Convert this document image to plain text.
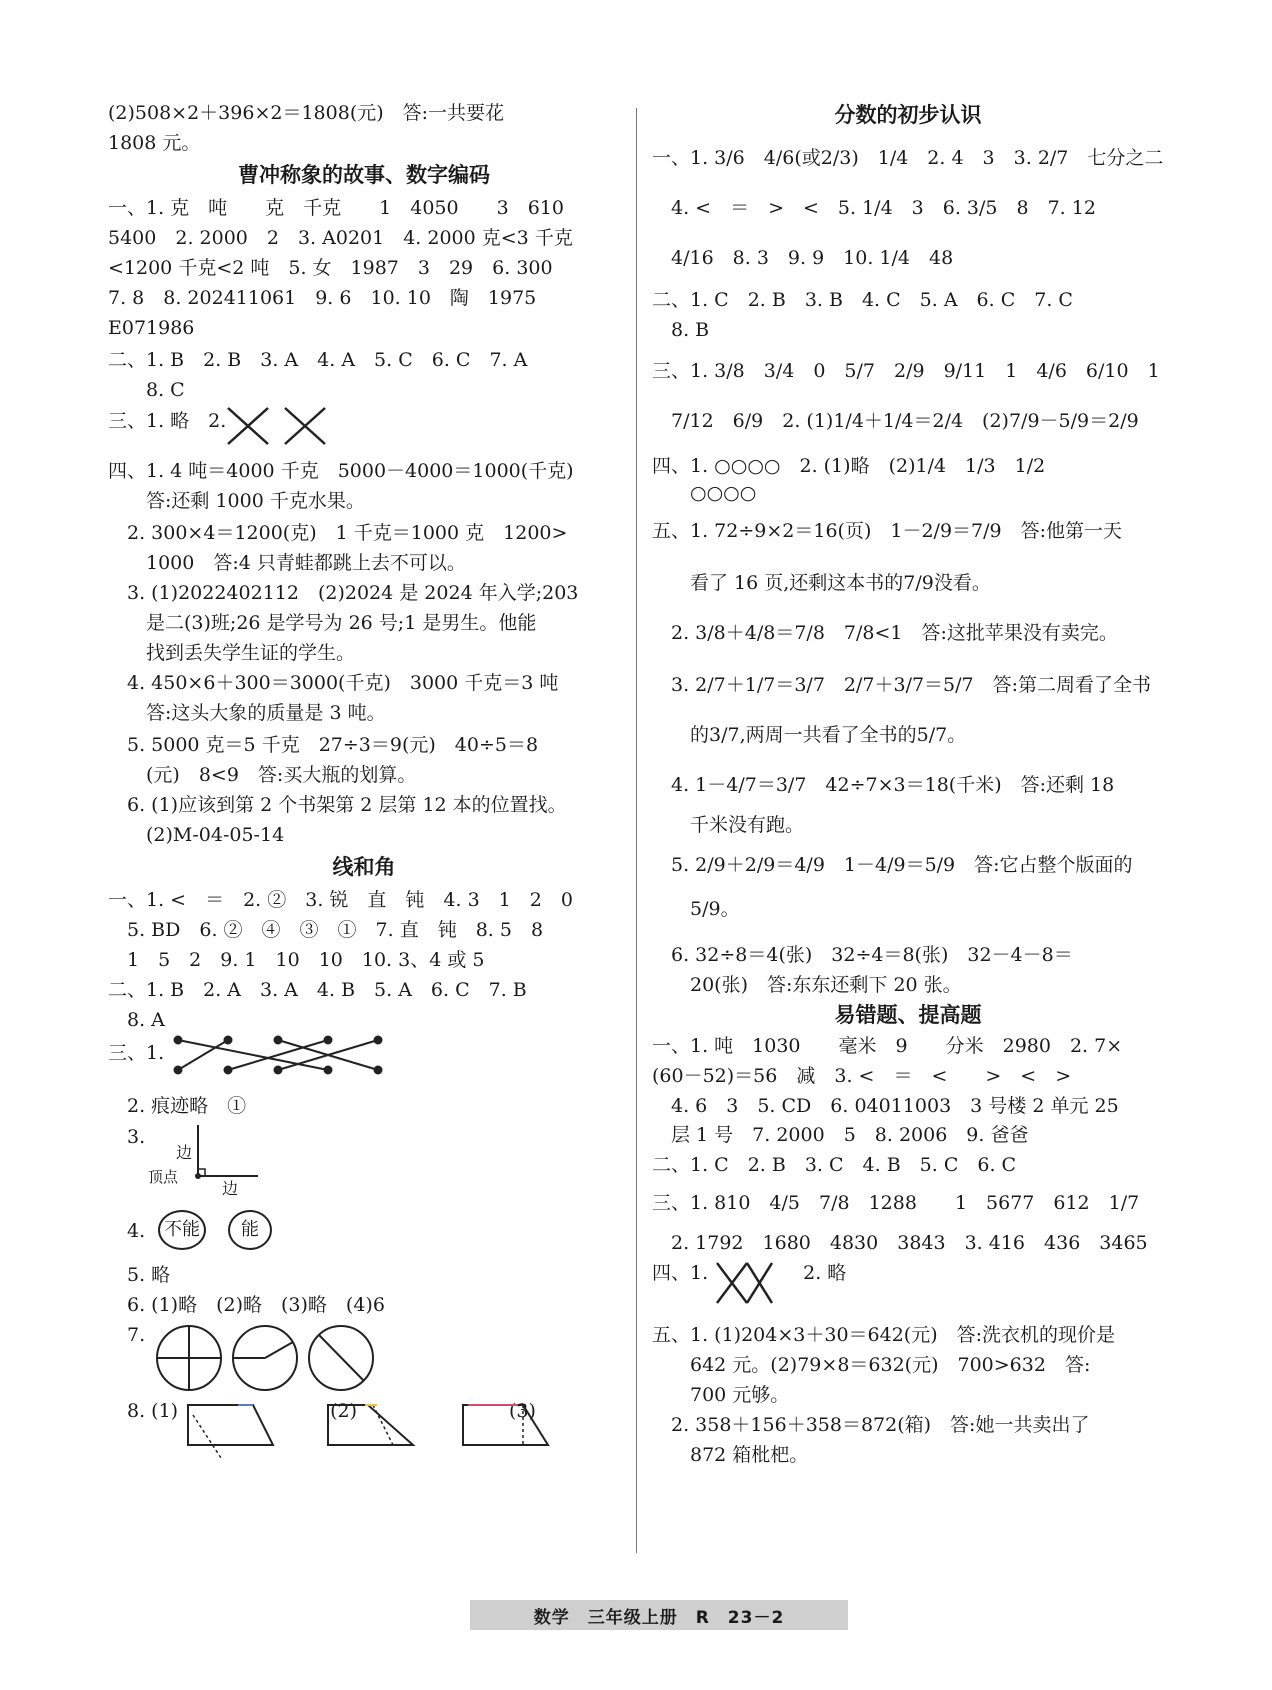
(2)508×2＋396×2＝1808(元)　答:一共要花
1808 元。
曹冲称象的故事、数字编码
一、1. 克　吨　　克　千克　　1　4050　　3　610
5400　2. 2000　2　3. A0201　4. 2000 克<3 千克
<1200 千克<2 吨　5. 女　1987　3　29　6. 300
7. 8　8. 202411061　9. 6　10. 10　陶　1975
E071986
二、1. B　2. B　3. A　4. A　5. C　6. C　7. A
　　8. C
三、1. 略　2.
四、1. 4 吨＝4000 千克　5000－4000＝1000(千克)
　　答:还剩 1000 千克水果。
　2. 300×4＝1200(克)　1 千克＝1000 克　1200>
　　1000　答:4 只青蛙都跳上去不可以。
　3. (1)2022402112　(2)2024 是 2024 年入学;203
　　是二(3)班;26 是学号为 26 号;1 是男生。他能
　　找到丢失学生证的学生。
　4. 450×6＋300＝3000(千克)　3000 千克＝3 吨
　　答:这头大象的质量是 3 吨。
　5. 5000 克＝5 千克　27÷3＝9(元)　40÷5＝8
　　(元)　8<9　答:买大瓶的划算。
　6. (1)应该到第 2 个书架第 2 层第 12 本的位置找。
　　(2)M-04-05-14
线和角
一、1. <　＝　2. ②　3. 锐　直　钝　4. 3　1　2　0
　5. BD　6. ②　④　③　①　7. 直　钝　8. 5　8
　1　5　2　9. 1　10　10　10. 3、4 或 5
二、1. B　2. A　3. A　4. B　5. A　6. C　7. B
　8. A
三、1.
　2. 痕迹略　①
　3.
边
顶点
边
　4.	不能	能
　5. 略
　6. (1)略　(2)略　(3)略　(4)6
　7.
　8. (1)　　　　　　　　(2)　　　　　　　　(3)
分数的初步认识
一、1. 3/6　4/6(或2/3)　1/4　2. 4　3　3. 2/7　七分之二
　4. <　＝　>　<　5. 1/4　3　6. 3/5　8　7. 12
　4/16　8. 3　9. 9　10. 1/4　48
二、1. C　2. B　3. B　4. C　5. A　6. C　7. C
　8. B
三、1. 3/8　3/4　0　5/7　2/9　9/11　1　4/6　6/10　1
　7/12　6/9　2. (1)1/4＋1/4＝2/4　(2)7/9－5/9＝2/9
四、1. ○○○○　2. (1)略　(2)1/4　1/3　1/2
　　○○○○
五、1. 72÷9×2＝16(页)　1－2/9＝7/9　答:他第一天
　　看了 16 页,还剩这本书的7/9没看。
　2. 3/8＋4/8＝7/8　7/8<1　答:这批苹果没有卖完。
　3. 2/7＋1/7＝3/7　2/7＋3/7＝5/7　答:第二周看了全书
　　的3/7,两周一共看了全书的5/7。
　4. 1－4/7＝3/7　42÷7×3＝18(千米)　答:还剩 18
　　千米没有跑。
　5. 2/9＋2/9＝4/9　1－4/9＝5/9　答:它占整个版面的
　　5/9。
　6. 32÷8＝4(张)　32÷4＝8(张)　32－4－8＝
　　20(张)　答:东东还剩下 20 张。
易错题、提高题
一、1. 吨　1030　　毫米　9　　分米　2980　2. 7×
(60－52)＝56　减　3. <　＝　<　　>　<　>
　4. 6　3　5. CD　6. 04011003　3 号楼 2 单元 25
　层 1 号　7. 2000　5　8. 2006　9. 爸爸
二、1. C　2. B　3. C　4. B　5. C　6. C
三、1. 810　4/5　7/8　1288　　1　5677　612　1/7
　2. 1792　1680　4830　3843　3. 416　436　3465
四、1.　　　　　2. 略
五、1. (1)204×3＋30＝642(元)　答:洗衣机的现价是
　　642 元。(2)79×8＝632(元)　700>632　答:
　　700 元够。
　2. 358＋156＋358＝872(箱)　答:她一共卖出了
　　872 箱枇杷。
数学　三年级上册　R　23－2
